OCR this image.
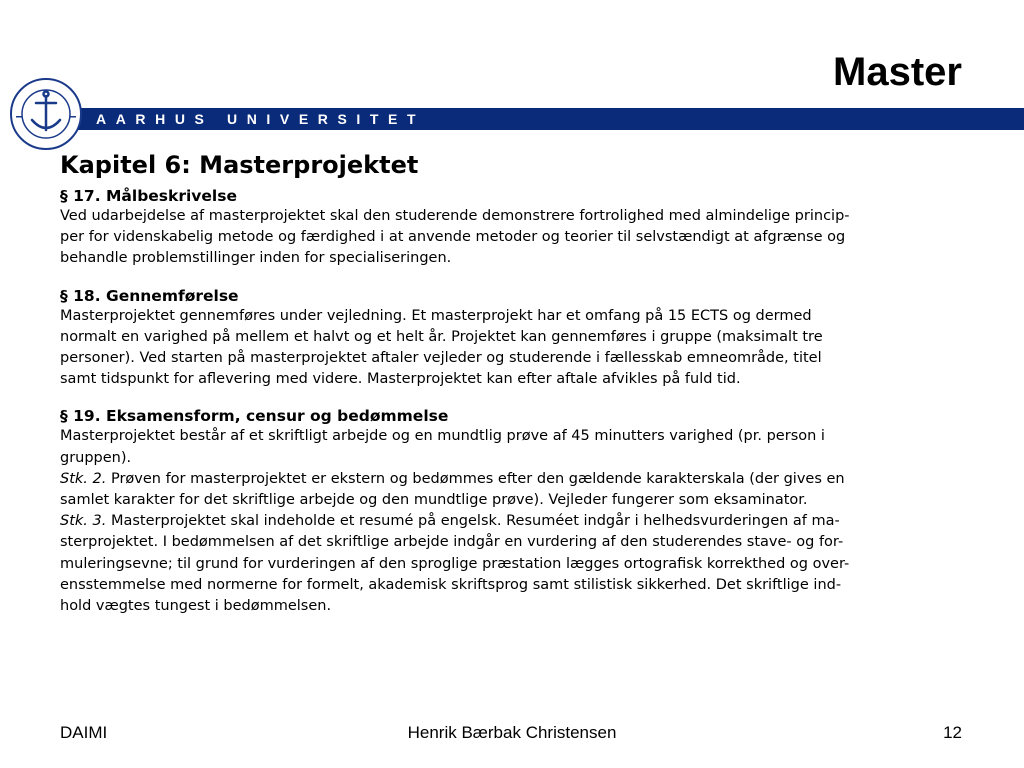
Master
AARHUS UNIVERSITET
Kapitel 6: Masterprojektet
§ 17. Målbeskrivelse
Ved udarbejdelse af masterprojektet skal den studerende demonstrere fortrolighed med almindelige princip-
per for videnskabelig metode og færdighed i at anvende metoder og teorier til selvstændigt at afgrænse og
behandle problemstillinger inden for specialiseringen.
§ 18. Gennemførelse
Masterprojektet gennemføres under vejledning. Et masterprojekt har et omfang på 15 ECTS og dermed
normalt en varighed på mellem et halvt og et helt år. Projektet kan gennemføres i gruppe (maksimalt tre
personer). Ved starten på masterprojektet aftaler vejleder og studerende i fællesskab emneområde, titel
samt tidspunkt for aflevering med videre. Masterprojektet kan efter aftale afvikles på fuld tid.
§ 19. Eksamensform, censur og bedømmelse
Masterprojektet består af et skriftligt arbejde og en mundtlig prøve af 45 minutters varighed (pr. person i
gruppen).
Stk. 2. Prøven for masterprojektet er ekstern og bedømmes efter den gældende karakterskala (der gives en
samlet karakter for det skriftlige arbejde og den mundtlige prøve). Vejleder fungerer som eksaminator.
Stk. 3. Masterprojektet skal indeholde et resumé på engelsk. Resuméet indgår i helhedsvurderingen af ma-
sterprojektet. I bedømmelsen af det skriftlige arbejde indgår en vurdering af den studerendes stave- og for-
muleringsevne; til grund for vurderingen af den sproglige præstation lægges ortografisk korrekthed og over-
ensstemmelse med normerne for formelt, akademisk skriftsprog samt stilistisk sikkerhed. Det skriftlige ind-
hold vægtes tungest i bedømmelsen.
DAIMI	Henrik Bærbak Christensen	12
